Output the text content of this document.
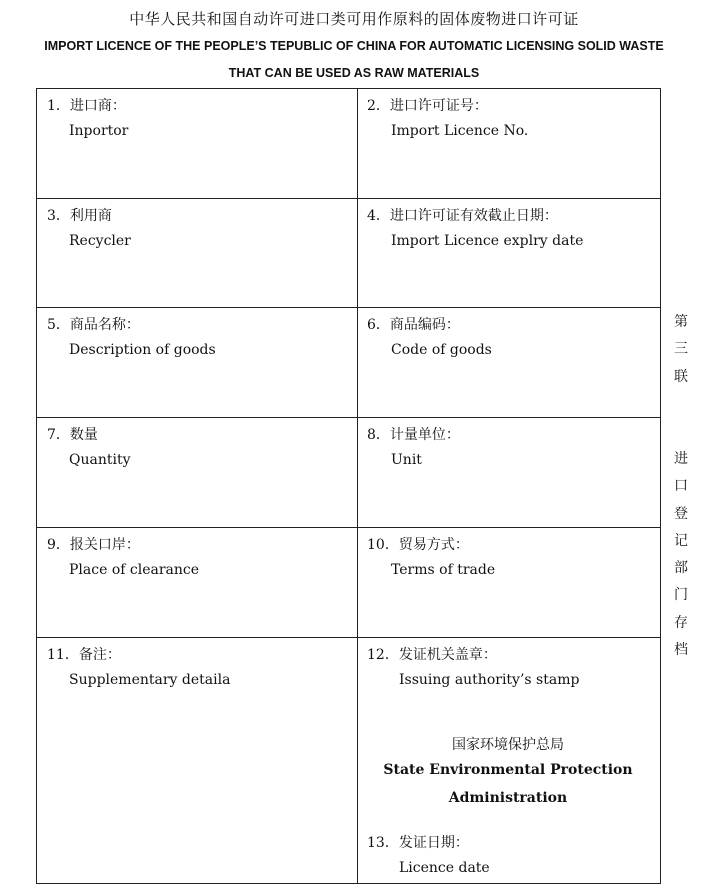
中华人民共和国自动许可进口类可用作原料的固体废物进口许可证
IMPORT LICENCE OF THE PEOPLE’S TEPUBLIC OF CHINA FOR AUTOMATIC LICENSING SOLID WASTE
THAT CAN BE USED AS RAW MATERIALS
1．进口商：
Inportor
2．进口许可证号：
Import Licence No.
3．利用商
Recycler
4．进口许可证有效截止日期：
Import Licence explry date
5．商品名称：
Description of goods
6．商品编码：
Code of goods
7．数量
Quantity
8．计量单位：
Unit
9．报关口岸：
Place of clearance
10．贸易方式：
Terms of trade
11．备注：
Supplementary detaila
12．发证机关盖章：
Issuing authority’s stamp
国家环境保护总局
State Environmental Protection
Administration
13．发证日期：
Licence date
第
三
联
进
口
登
记
部
门
存
档
